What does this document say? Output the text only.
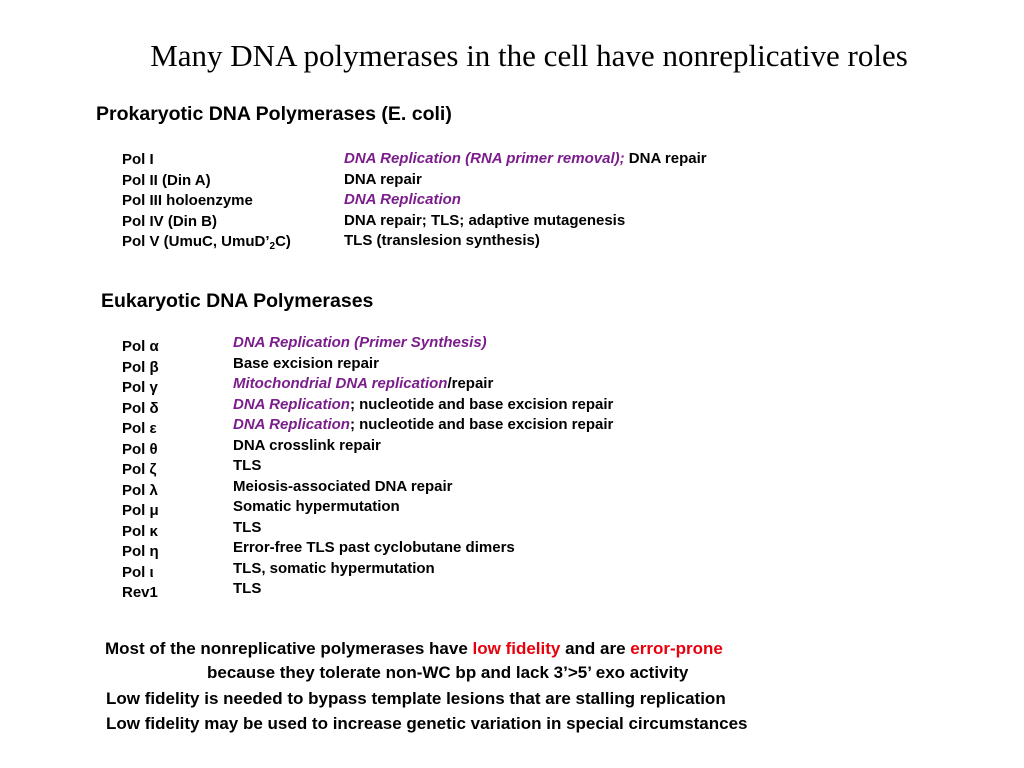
Many DNA polymerases in the cell have nonreplicative roles
Prokaryotic DNA Polymerases (E. coli)
Pol I
Pol II (Din A)
Pol III holoenzyme
Pol IV (Din B)
Pol V (UmuC, $UmuD’_2C$)
DNA Replication (RNA primer removal); DNA repair
DNA repair
DNA Replication
DNA repair; TLS; adaptive mutagenesis
TLS (translesion synthesis)
Eukaryotic DNA Polymerases
Pol α
Pol β
Pol γ
Pol δ
Pol ε
Pol θ
Pol ζ
Pol λ
Pol μ
Pol κ
Pol η
Pol ι
Rev1
DNA Replication (Primer Synthesis)
Base excision repair
Mitochondrial DNA replication/repair
DNA Replication; nucleotide and base excision repair
DNA Replication; nucleotide and base excision repair
DNA crosslink repair
TLS
Meiosis-associated DNA repair
Somatic hypermutation
TLS
Error-free TLS past cyclobutane dimers
TLS, somatic hypermutation
TLS
Most of the nonreplicative polymerases have low fidelity and are error-prone
because they tolerate non-WC bp and lack 3’>5’ exo activity
Low fidelity is needed to bypass template lesions that are stalling replication
Low fidelity may be used to increase genetic variation in special circumstances
